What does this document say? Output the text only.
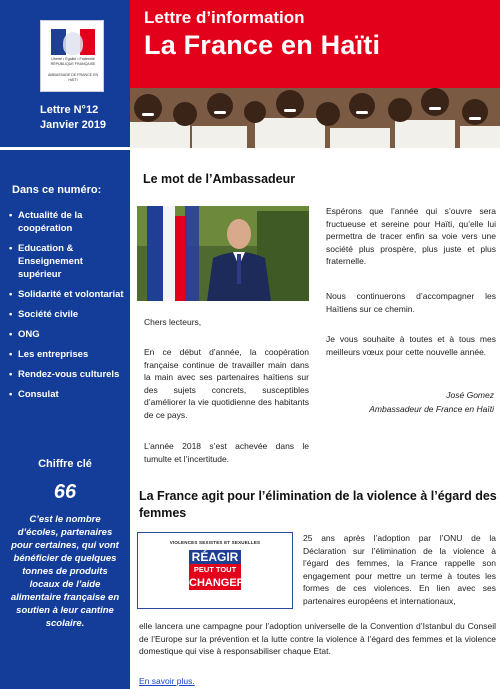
Liberté • Égalité • Fraternité RÉPUBLIQUE FRANÇAISE
AMBASSADE DE FRANCE EN HAÏTI
Lettre N°12
Janvier 2019
Dans ce numéro:
• Actualité de la coopération
• Education & Enseignement supérieur
• Solidarité et volontariat
• Société civile
• ONG
• Les entreprises
• Rendez-vous culturels
• Consulat
Chiffre clé
66
C’est le nombre d’écoles, partenaires pour certaines, qui vont bénéficier de quelques tonnes de produits locaux de l’aide alimentaire française en soutien à leur cantine scolaire.
Lettre d’information
La France en Haïti
Le mot de l’Ambassadeur
Chers lecteurs,
En ce début d’année, la coopération française continue de travailler main dans la main avec ses partenaires haïtiens sur des sujets concrets, susceptibles d’améliorer la vie quotidienne des habitants de ce pays.
L’année 2018 s’est achevée dans le tumulte et l’incertitude.
Espérons que l’année qui s’ouvre sera fructueuse et sereine pour Haïti, qu’elle lui permettra de tracer enfin sa voie vers une société plus prospère, plus juste et plus fraternelle.
Nous continuerons d’accompagner les Haïtiens sur ce chemin.
Je vous souhaite à toutes et à tous mes meilleurs vœux pour cette nouvelle année.
José Gomez
Ambassadeur de France en Haïti
La France agit pour l’élimination de la violence à l’égard des femmes
VIOLENCES SEXISTES ET SEXUELLES
RÉAGIR
PEUT TOUT
CHANGER
25 ans après l’adoption par l’ONU de la Déclaration sur l’élimination de la violence à l’égard des femmes, la France rappelle son engagement pour mettre un terme à toutes les formes de ces violences. En lien avec ses partenaires européens et internationaux,
elle lancera une campagne pour l’adoption universelle de la Convention d’Istanbul du Conseil de l’Europe sur la prévention et la lutte contre la violence à l’égard des femmes et la violence domestique qui vise à responsabiliser chaque Etat.
En savoir plus.
